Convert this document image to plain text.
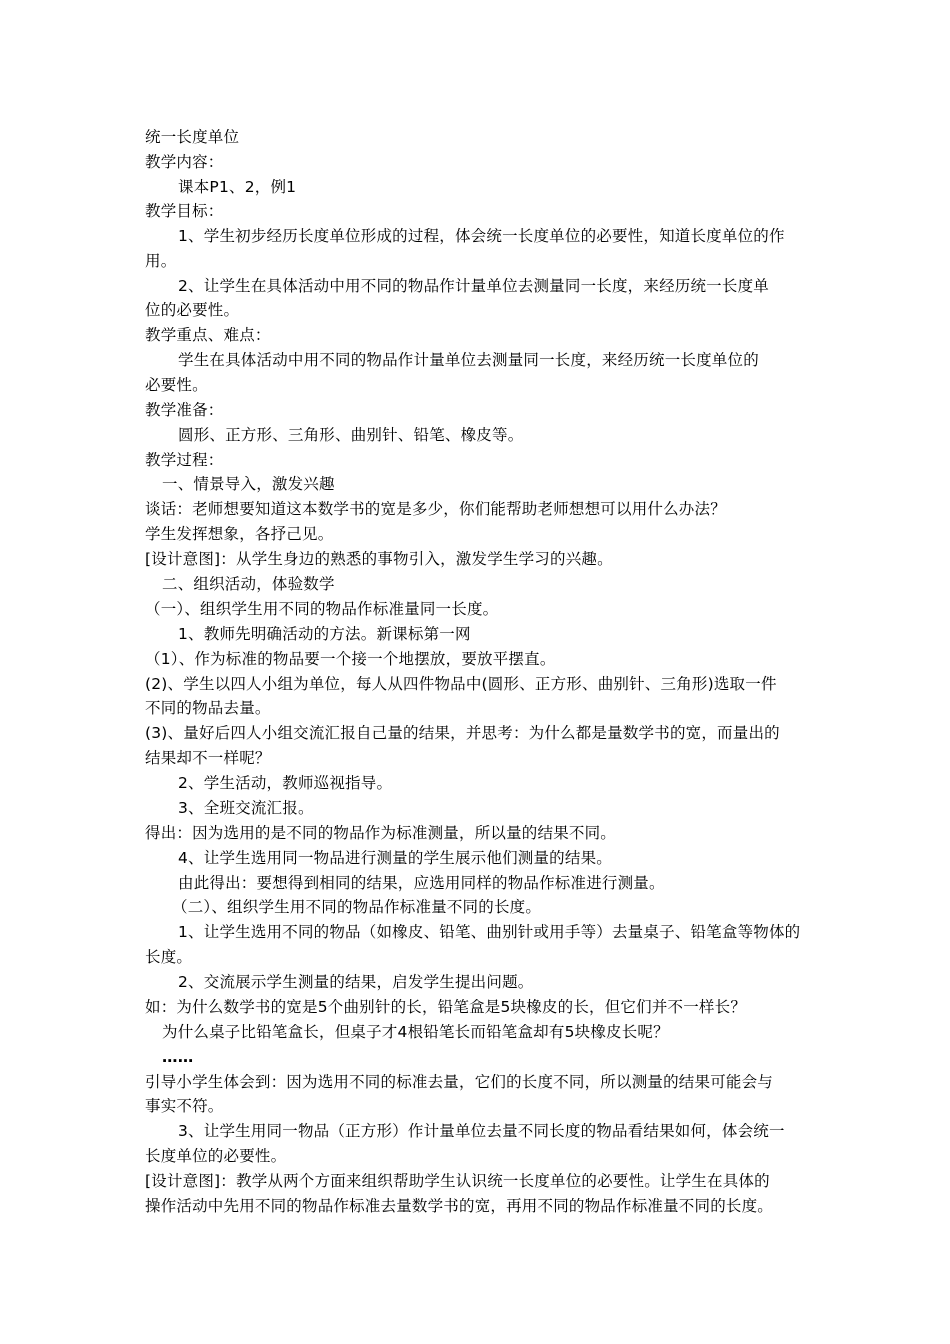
统一长度单位
教学内容：
课本P1、2，例1
教学目标：
1、学生初步经历长度单位形成的过程，体会统一长度单位的必要性，知道长度单位的作
用。
2、让学生在具体活动中用不同的物品作计量单位去测量同一长度，来经历统一长度单
位的必要性。
教学重点、难点：
学生在具体活动中用不同的物品作计量单位去测量同一长度，来经历统一长度单位的
必要性。
教学准备：
圆形、正方形、三角形、曲别针、铅笔、橡皮等。
教学过程：
一、情景导入，激发兴趣
谈话：老师想要知道这本数学书的宽是多少，你们能帮助老师想想可以用什么办法？
学生发挥想象，各抒己见。
[设计意图]：从学生身边的熟悉的事物引入，激发学生学习的兴趣。
二、组织活动，体验数学
（一）、组织学生用不同的物品作标准量同一长度。
1、教师先明确活动的方法。新课标第一网
（1）、作为标准的物品要一个接一个地摆放，要放平摆直。
(2)、学生以四人小组为单位，每人从四件物品中(圆形、正方形、曲别针、三角形)选取一件
不同的物品去量。
(3)、量好后四人小组交流汇报自己量的结果，并思考：为什么都是量数学书的宽，而量出的
结果却不一样呢？
2、学生活动，教师巡视指导。
3、全班交流汇报。
得出：因为选用的是不同的物品作为标准测量，所以量的结果不同。
4、让学生选用同一物品进行测量的学生展示他们测量的结果。
由此得出：要想得到相同的结果，应选用同样的物品作标准进行测量。
（二）、组织学生用不同的物品作标准量不同的长度。
1、让学生选用不同的物品（如橡皮、铅笔、曲别针或用手等）去量桌子、铅笔盒等物体的
长度。
2、交流展示学生测量的结果，启发学生提出问题。
如：为什么数学书的宽是5个曲别针的长，铅笔盒是5块橡皮的长，但它们并不一样长？
为什么桌子比铅笔盒长，但桌子才4根铅笔长而铅笔盒却有5块橡皮长呢？
……
引导小学生体会到：因为选用不同的标准去量，它们的长度不同，所以测量的结果可能会与
事实不符。
3、让学生用同一物品（正方形）作计量单位去量不同长度的物品看结果如何，体会统一
长度单位的必要性。
[设计意图]：教学从两个方面来组织帮助学生认识统一长度单位的必要性。让学生在具体的
操作活动中先用不同的物品作标准去量数学书的宽，再用不同的物品作标准量不同的长度。
